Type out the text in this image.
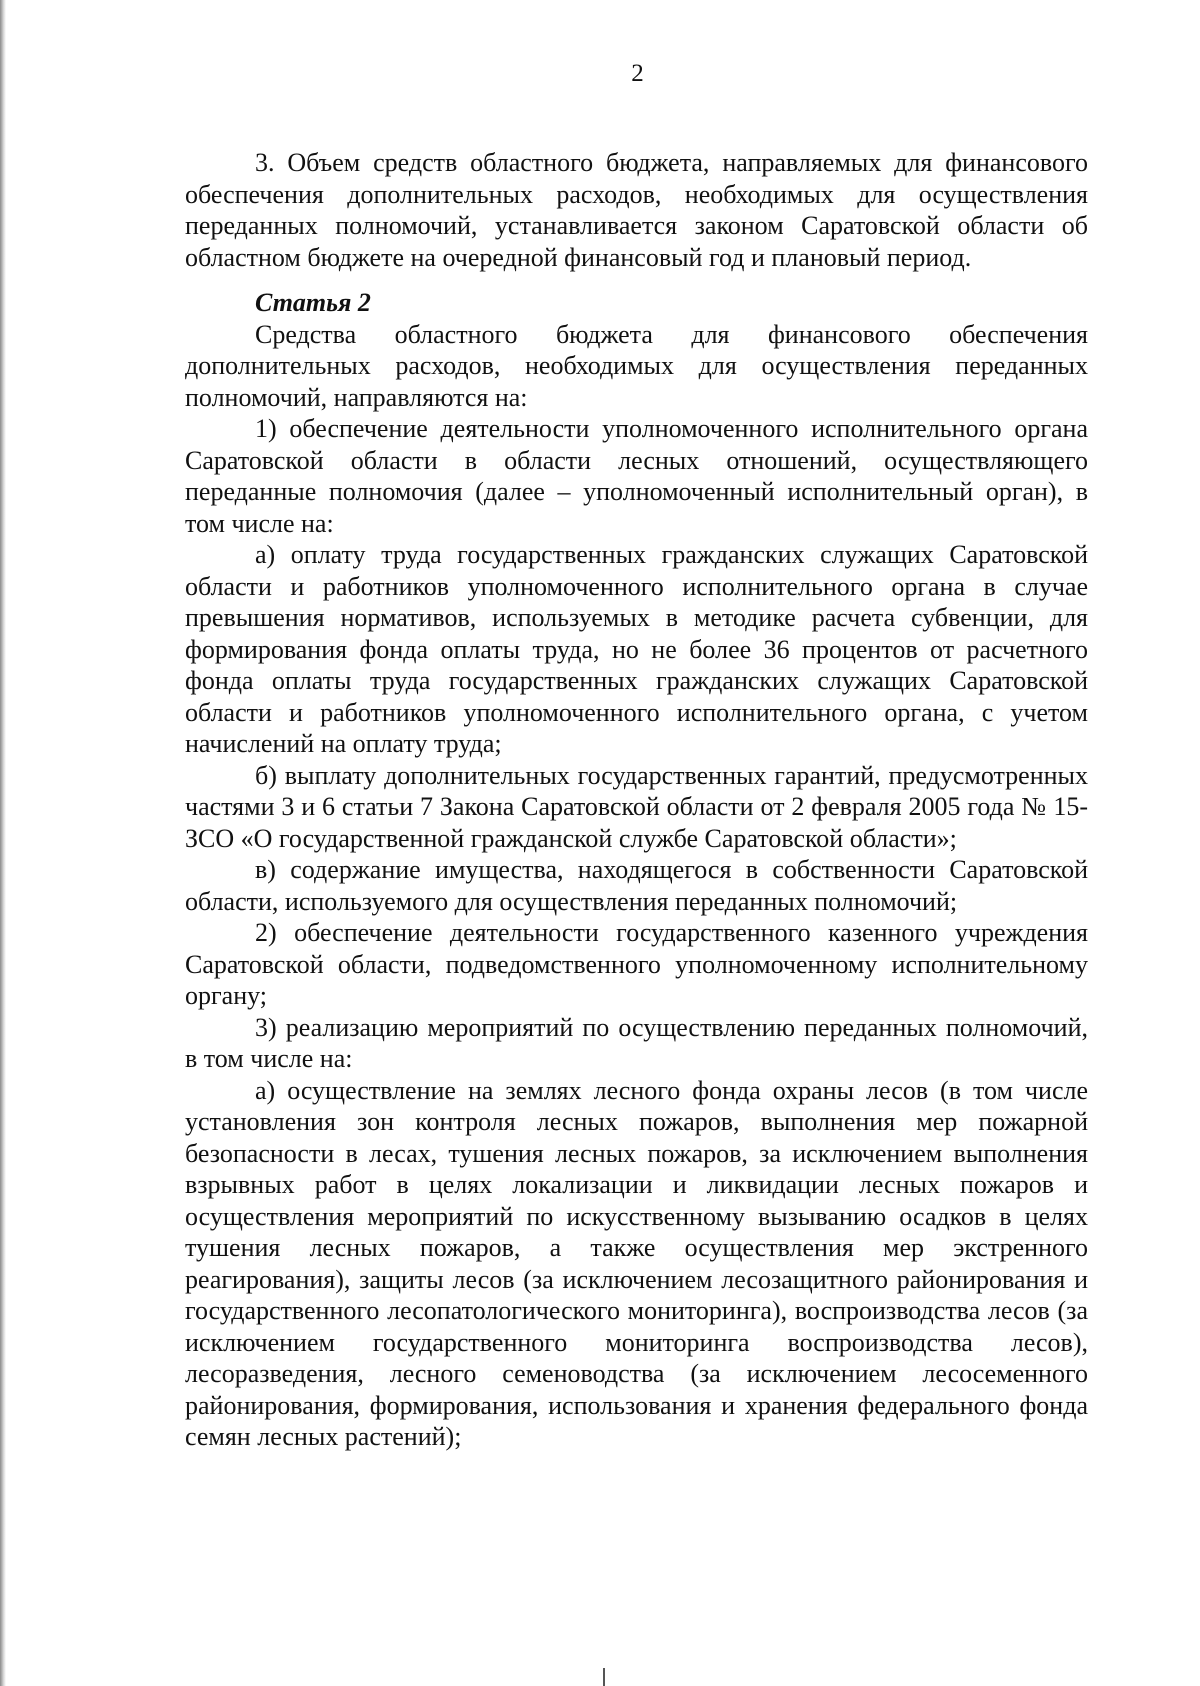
2

3. Объем средств областного бюджета, направляемых для финансового обеспечения дополнительных расходов, необходимых для осуществления переданных полномочий, устанавливается законом Саратовской области об областном бюджете на очередной финансовый год и плановый период.

Статья 2

Средства областного бюджета для финансового обеспечения дополнительных расходов, необходимых для осуществления переданных полномочий, направляются на:

1) обеспечение деятельности уполномоченного исполнительного органа Саратовской области в области лесных отношений, осуществляющего переданные полномочия (далее – уполномоченный исполнительный орган), в том числе на:

а) оплату труда государственных гражданских служащих Саратовской области и работников уполномоченного исполнительного органа в случае превышения нормативов, используемых в методике расчета субвенции, для формирования фонда оплаты труда, но не более 36 процентов от расчетного фонда оплаты труда государственных гражданских служащих Саратовской области и работников уполномоченного исполнительного органа, с учетом начислений на оплату труда;

б) выплату дополнительных государственных гарантий, предусмотренных частями 3 и 6 статьи 7 Закона Саратовской области от 2 февраля 2005 года № 15-ЗСО «О государственной гражданской службе Саратовской области»;

в) содержание имущества, находящегося в собственности Саратовской области, используемого для осуществления переданных полномочий;

2) обеспечение деятельности государственного казенного учреждения Саратовской области, подведомственного уполномоченному исполнительному органу;

3) реализацию мероприятий по осуществлению переданных полномочий, в том числе на:

а) осуществление на землях лесного фонда охраны лесов (в том числе установления зон контроля лесных пожаров, выполнения мер пожарной безопасности в лесах, тушения лесных пожаров, за исключением выполнения взрывных работ в целях локализации и ликвидации лесных пожаров и осуществления мероприятий по искусственному вызыванию осадков в целях тушения лесных пожаров, а также осуществления мер экстренного реагирования), защиты лесов (за исключением лесозащитного районирования и государственного лесопатологического мониторинга), воспроизводства лесов (за исключением государственного мониторинга воспроизводства лесов), лесоразведения, лесного семеноводства (за исключением лесосеменного районирования, формирования, использования и хранения федерального фонда семян лесных растений);
